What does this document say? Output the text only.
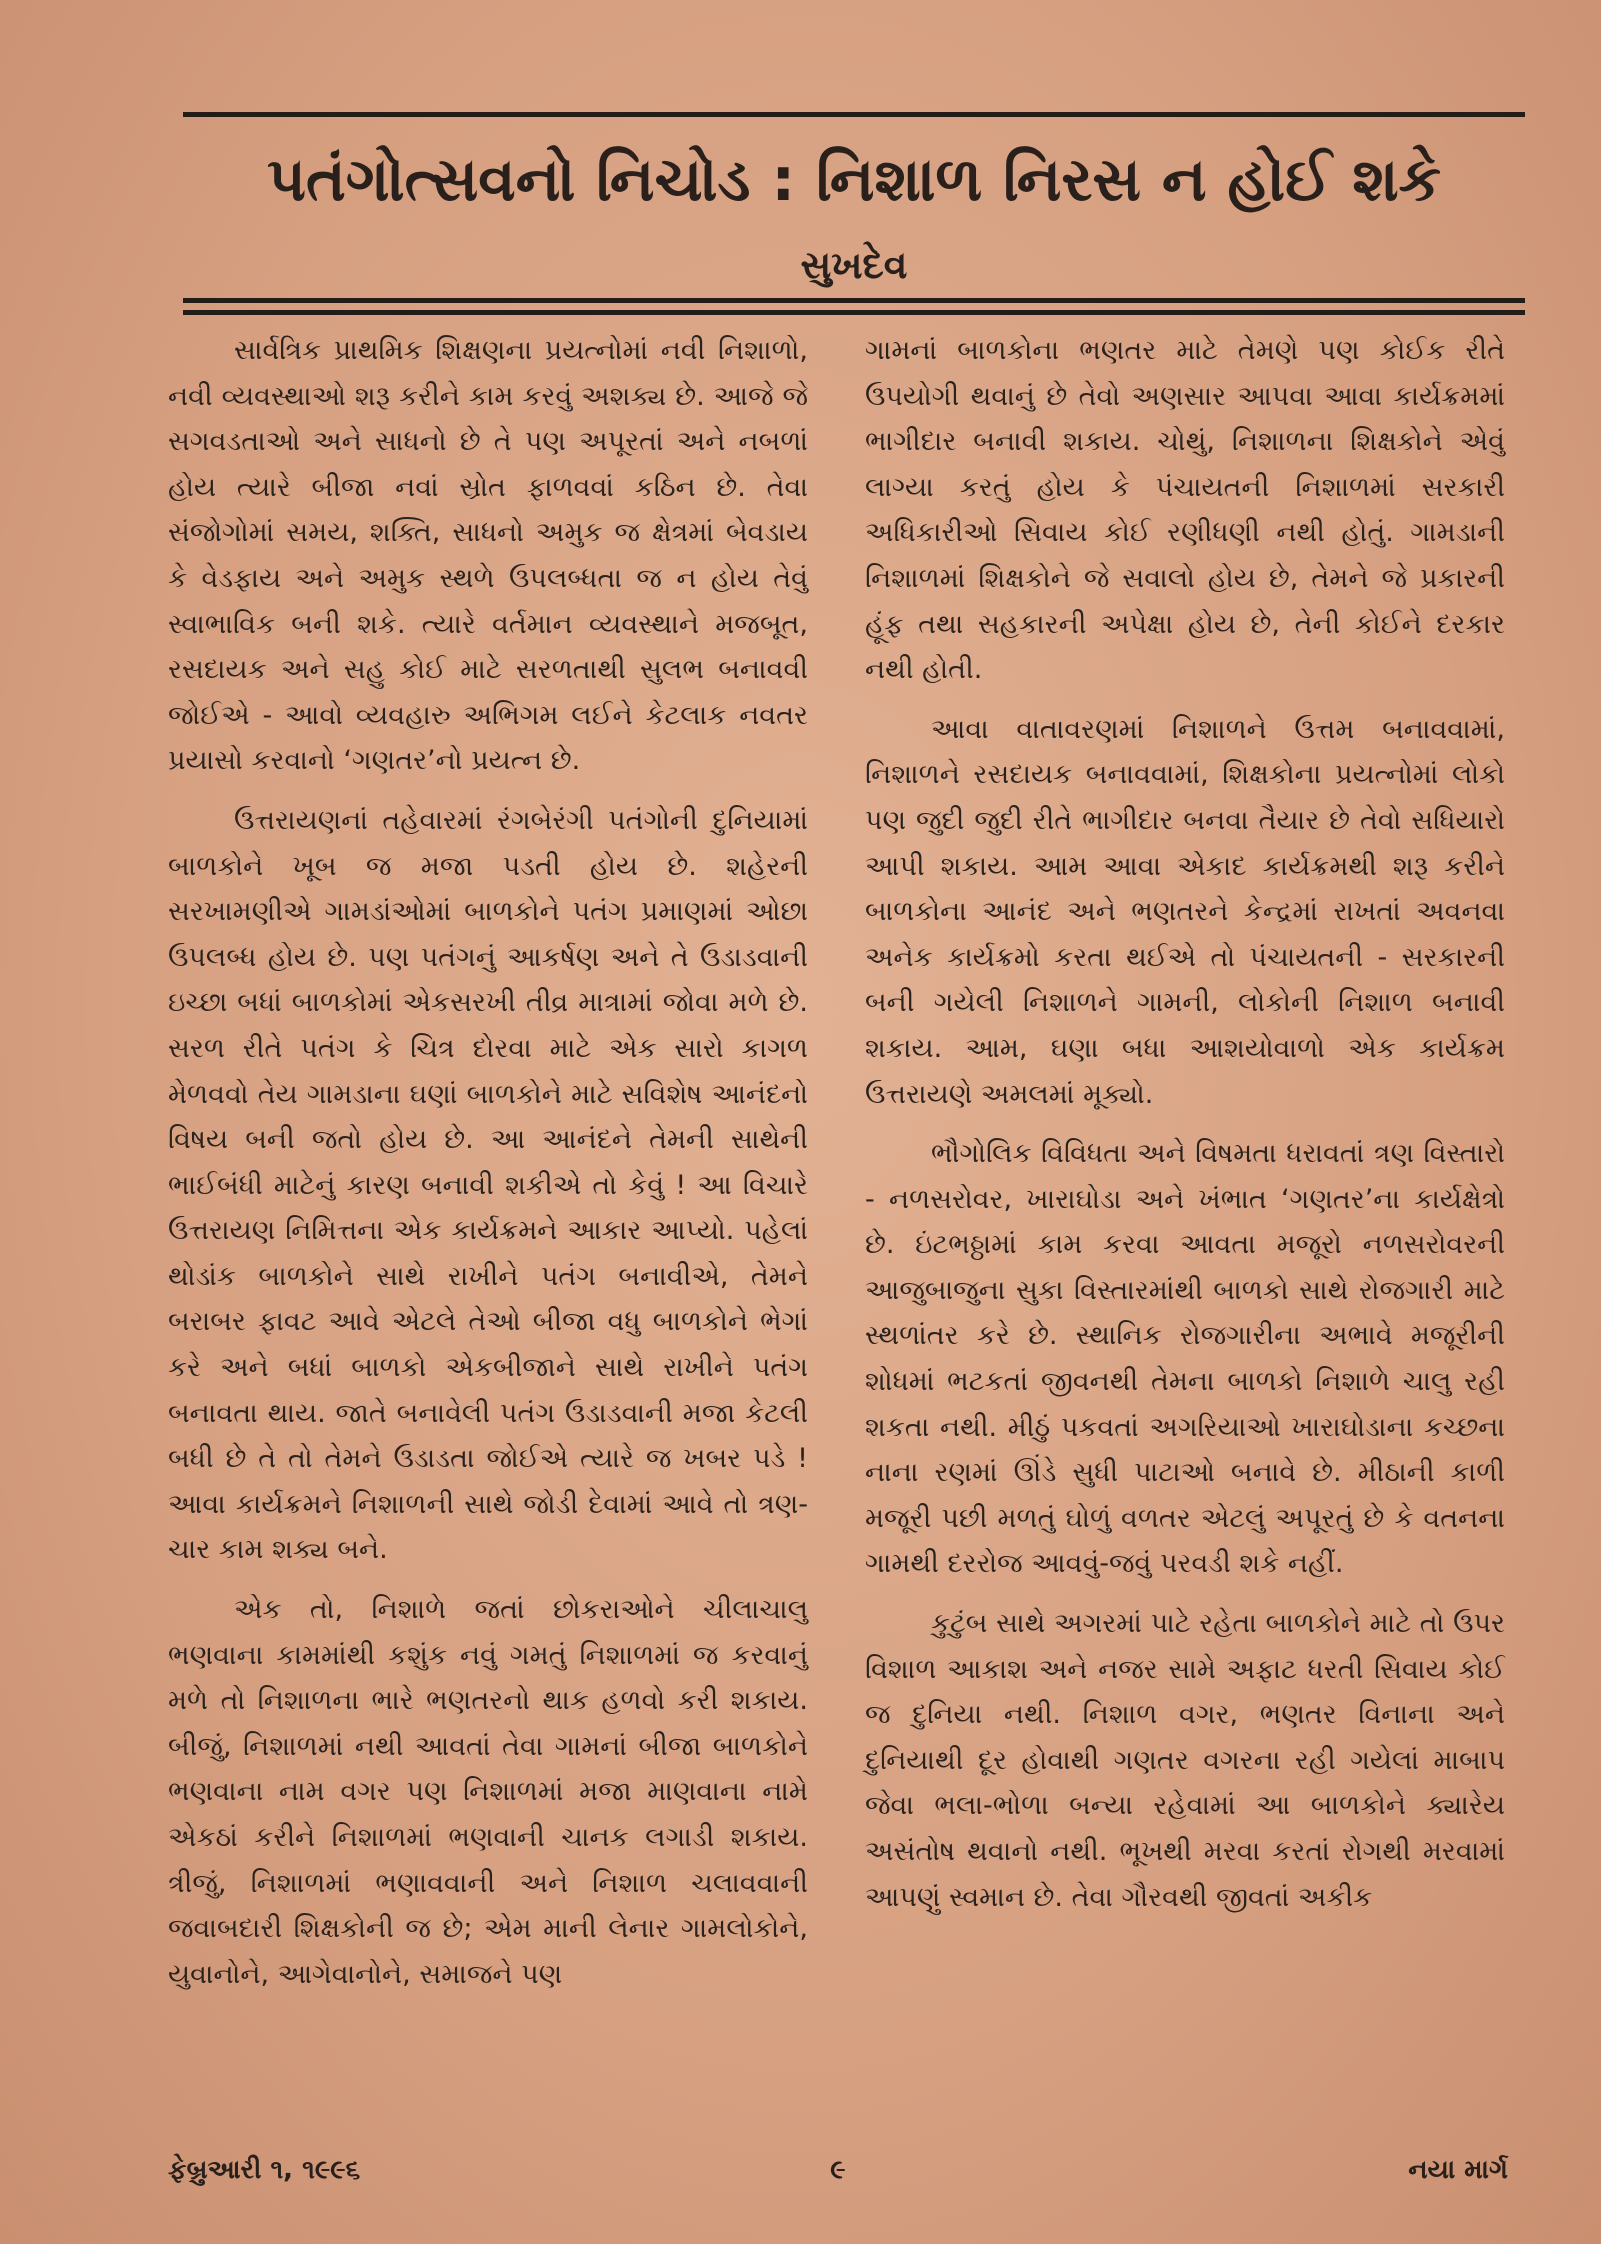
પતંગોત્સવનો નિચોડ : નિશાળ નિરસ ન હોઈ શકે
સુખદેવ

સાર્વત્રિક પ્રાથમિક શિક્ષણના પ્રયત્નોમાં નવી નિશાળો, નવી વ્યવસ્થાઓ શરૂ કરીને કામ કરવું અશક્ય છે. આજે જે સગવડતાઓ અને સાધનો છે તે પણ અપૂરતાં અને નબળાં હોય ત્યારે બીજા નવાં સ્રોત ફાળવવાં કઠિન છે. તેવા સંજોગોમાં સમય, શક્તિ, સાધનો અમુક જ ક્ષેત્રમાં બેવડાય કે વેડફાય અને અમુક સ્થળે ઉપલબ્ધતા જ ન હોય તેવું સ્વાભાવિક બની શકે. ત્યારે વર્તમાન વ્યવસ્થાને મજબૂત, રસદાયક અને સહુ કોઈ માટે સરળતાથી સુલભ બનાવવી જોઈએ - આવો વ્યવહારુ અભિગમ લઈને કેટલાક નવતર પ્રયાસો કરવાનો ‘ગણતર’નો પ્રયત્ન છે.

ઉત્તરાયણનાં તહેવારમાં રંગબેરંગી પતંગોની દુનિયામાં બાળકોને ખૂબ જ મજા પડતી હોય છે. શહેરની સરખામણીએ ગામડાંઓમાં બાળકોને પતંગ પ્રમાણમાં ઓછા ઉપલબ્ધ હોય છે. પણ પતંગનું આકર્ષણ અને તે ઉડાડવાની ઇચ્છા બધાં બાળકોમાં એકસરખી તીવ્ર માત્રામાં જોવા મળે છે. સરળ રીતે પતંગ કે ચિત્ર દોરવા માટે એક સારો કાગળ મેળવવો તેય ગામડાના ઘણાં બાળકોને માટે સવિશેષ આનંદનો વિષય બની જતો હોય છે. આ આનંદને તેમની સાથેની ભાઈબંધી માટેનું કારણ બનાવી શકીએ તો કેવું ! આ વિચારે ઉત્તરાયણ નિમિત્તના એક કાર્યક્રમને આકાર આપ્યો. પહેલાં થોડાંક બાળકોને સાથે રાખીને પતંગ બનાવીએ, તેમને બરાબર ફાવટ આવે એટલે તેઓ બીજા વધુ બાળકોને ભેગાં કરે અને બધાં બાળકો એકબીજાને સાથે રાખીને પતંગ બનાવતા થાય. જાતે બનાવેલી પતંગ ઉડાડવાની મજા કેટલી બધી છે તે તો તેમને ઉડાડતા જોઈએ ત્યારે જ ખબર પડે ! આવા કાર્યક્રમને નિશાળની સાથે જોડી દેવામાં આવે તો ત્રણ-ચાર કામ શક્ય બને.

એક તો, નિશાળે જતાં છોકરાઓને ચીલાચાલુ ભણવાના કામમાંથી કશુંક નવું ગમતું નિશાળમાં જ કરવાનું મળે તો નિશાળના ભારે ભણતરનો થાક હળવો કરી શકાય. બીજું, નિશાળમાં નથી આવતાં તેવા ગામનાં બીજા બાળકોને ભણવાના નામ વગર પણ નિશાળમાં મજા માણવાના નામે એકઠાં કરીને નિશાળમાં ભણવાની ચાનક લગાડી શકાય. ત્રીજું, નિશાળમાં ભણાવવાની અને નિશાળ ચલાવવાની જવાબદારી શિક્ષકોની જ છે; એમ માની લેનાર ગામલોકોને, યુવાનોને, આગેવાનોને, સમાજને પણ

ગામનાં બાળકોના ભણતર માટે તેમણે પણ કોઈક રીતે ઉપયોગી થવાનું છે તેવો અણસાર આપવા આવા કાર્યક્રમમાં ભાગીદાર બનાવી શકાય. ચોથું, નિશાળના શિક્ષકોને એવું લાગ્યા કરતું હોય કે પંચાયતની નિશાળમાં સરકારી અધિકારીઓ સિવાય કોઈ રણીધણી નથી હોતું. ગામડાની નિશાળમાં શિક્ષકોને જે સવાલો હોય છે, તેમને જે પ્રકારની હૂંફ તથા સહકારની અપેક્ષા હોય છે, તેની કોઈને દરકાર નથી હોતી.

આવા વાતાવરણમાં નિશાળને ઉત્તમ બનાવવામાં, નિશાળને રસદાયક બનાવવામાં, શિક્ષકોના પ્રયત્નોમાં લોકો પણ જુદી જુદી રીતે ભાગીદાર બનવા તૈયાર છે તેવો સધિયારો આપી શકાય. આમ આવા એકાદ કાર્યક્રમથી શરૂ કરીને બાળકોના આનંદ અને ભણતરને કેન્દ્રમાં રાખતાં અવનવા અનેક કાર્યક્રમો કરતા થઈએ તો પંચાયતની - સરકારની બની ગયેલી નિશાળને ગામની, લોકોની નિશાળ બનાવી શકાય. આમ, ઘણા બધા આશયોવાળો એક કાર્યક્રમ ઉત્તરાયણે અમલમાં મૂક્યો.

ભૌગોલિક વિવિધતા અને વિષમતા ધરાવતાં ત્રણ વિસ્તારો - નળસરોવર, ખારાઘોડા અને ખંભાત ‘ગણતર’ના કાર્યક્ષેત્રો છે. ઇંટભઠ્ઠામાં કામ કરવા આવતા મજૂરો નળસરોવરની આજુબાજુના સુકા વિસ્તારમાંથી બાળકો સાથે રોજગારી માટે સ્થળાંતર કરે છે. સ્થાનિક રોજગારીના અભાવે મજૂરીની શોધમાં ભટકતાં જીવનથી તેમના બાળકો નિશાળે ચાલુ રહી શકતા નથી. મીઠું પકવતાં અગરિયાઓ ખારાઘોડાના કચ્છના નાના રણમાં ઊંડે સુધી પાટાઓ બનાવે છે. મીઠાની કાળી મજૂરી પછી મળતું ઘોળું વળતર એટલું અપૂરતું છે કે વતનના ગામથી દરરોજ આવવું-જવું પરવડી શકે નહીં.

કુટુંબ સાથે અગરમાં પાટે રહેતા બાળકોને માટે તો ઉપર વિશાળ આકાશ અને નજર સામે અફાટ ધરતી સિવાય કોઈ જ દુનિયા નથી. નિશાળ વગર, ભણતર વિનાના અને દુનિયાથી દૂર હોવાથી ગણતર વગરના રહી ગયેલાં માબાપ જેવા ભલા-ભોળા બન્યા રહેવામાં આ બાળકોને ક્યારેય અસંતોષ થવાનો નથી. ભૂખથી મરવા કરતાં રોગથી મરવામાં આપણું સ્વમાન છે. તેવા ગૌરવથી જીવતાં અકીક

ફેબ્રુઆરી ૧, ૧૯૯૬	૯	નયા માર્ગ
